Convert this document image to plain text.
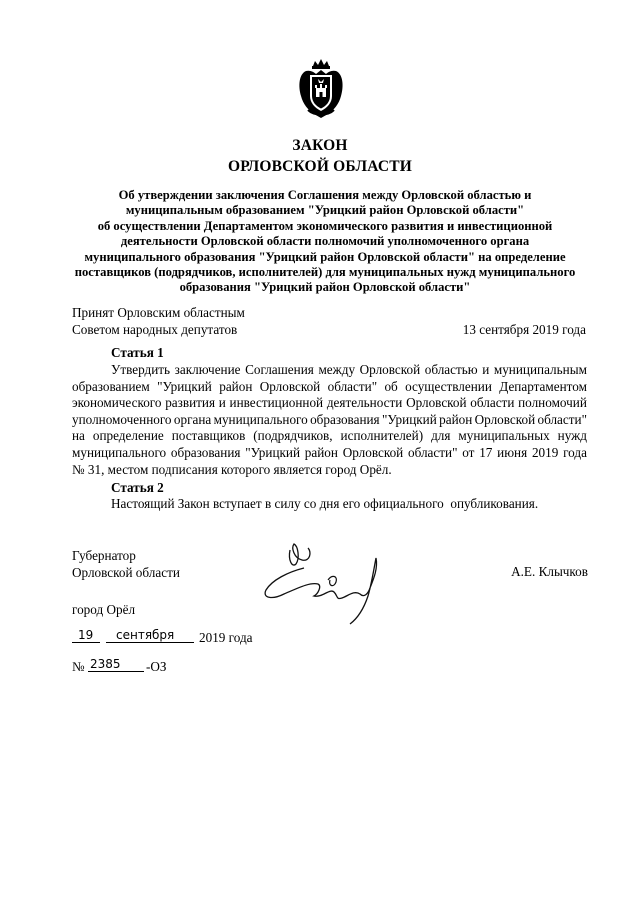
ЗАКОН
ОРЛОВСКОЙ ОБЛАСТИ
Об утверждении заключения Соглашения между Орловской областью и
муниципальным образованием "Урицкий район Орловской области"
об осуществлении Департаментом экономического развития и инвестиционной
деятельности Орловской области полномочий уполномоченного органа
муниципального образования "Урицкий район Орловской области" на определение
поставщиков (подрядчиков, исполнителей) для муниципальных нужд муниципального
образования "Урицкий район Орловской области"
Принят Орловским областным
Советом народных депутатов	13 сентября 2019 года
Статья 1
Утвердить заключение Соглашения между Орловской областью и муниципальным
образованием "Урицкий район Орловской области" об осуществлении Департаментом
экономического развития и инвестиционной деятельности Орловской области полномочий
уполномоченного органа муниципального образования "Урицкий район Орловской области"
на определение поставщиков (подрядчиков, исполнителей) для муниципальных нужд
муниципального образования "Урицкий район Орловской области" от 17 июня 2019 года
№ 31, местом подписания которого является город Орёл.
Статья 2
Настоящий Закон вступает в силу со дня его официального  опубликования.
Губернатор
Орловской области	А.Е. Клычков
город Орёл
19 сентября 2019 года
№ 2385 -ОЗ
